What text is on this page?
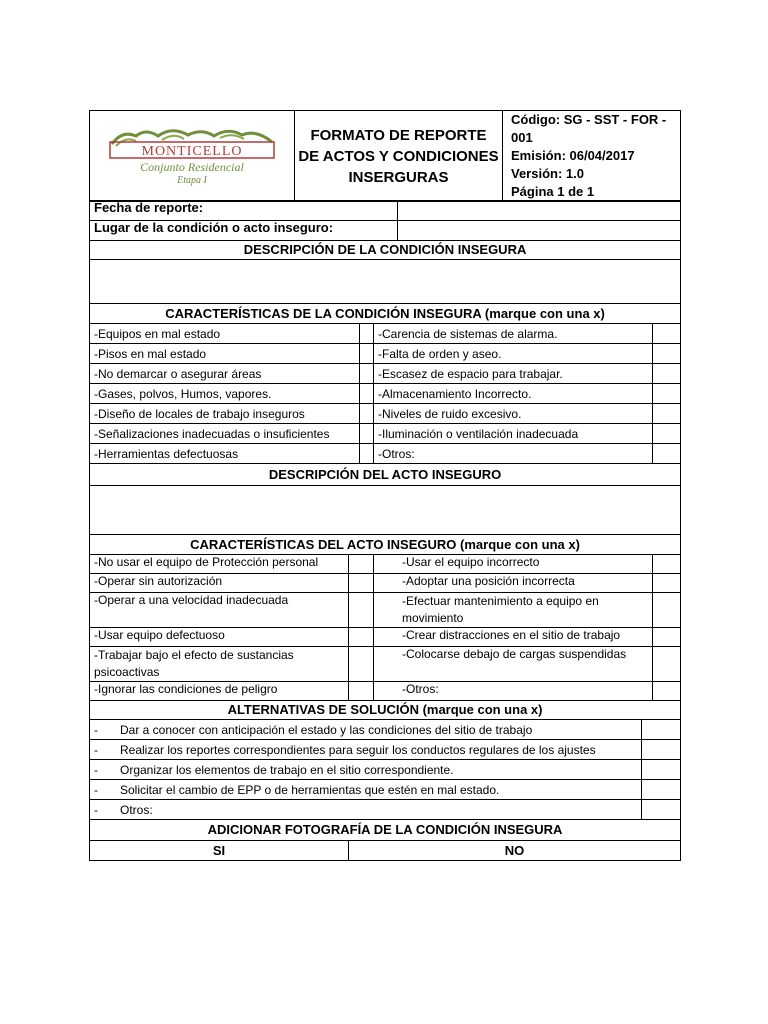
MONTICELLO
Conjunto Residencial
Etapa I

FORMATO DE REPORTE
DE ACTOS Y CONDICIONES
INSERGURAS

Código: SG - SST - FOR - 001
Emisión: 06/04/2017
Versión: 1.0
Página 1 de 1
Fecha de reporte:						
Lugar de la condición o acto inseguro:						
DESCRIPCIÓN DE LA CONDICIÓN INSEGURA						

CARACTERÍSTICAS DE LA CONDICIÓN INSEGURA (marque con una x)						
-Equipos en mal estado			-Carencia de sistemas de alarma.			
-Pisos en mal estado			-Falta de orden y aseo.			
-No demarcar o asegurar áreas			-Escasez de espacio para trabajar.			
-Gases, polvos, Humos, vapores.			-Almacenamiento Incorrecto.			
-Diseño de locales de trabajo inseguros			-Niveles de ruido excesivo.			
-Señalizaciones inadecuadas o insuficientes			-Iluminación o ventilación inadecuada			
-Herramientas defectuosas			-Otros:			
DESCRIPCIÓN DEL ACTO INSEGURO						

CARACTERÍSTICAS DEL ACTO INSEGURO (marque con una x)						
-No usar el equipo de Protección personal			-Usar el equipo incorrecto			
-Operar sin autorización			-Adoptar una posición incorrecta			
-Operar a una velocidad inadecuada			-Efectuar mantenimiento a equipo en movimiento			
-Usar equipo defectuoso			-Crear distracciones en el sitio de trabajo			
-Trabajar bajo el efecto de sustancias psicoactivas			-Colocarse debajo de cargas suspendidas			
-Ignorar las condiciones de peligro			-Otros:			
ALTERNATIVAS DE SOLUCIÓN (marque con una x)						
- Dar a conocer con anticipación el estado y las condiciones del sitio de trabajo						
- Realizar los reportes correspondientes para seguir los conductos regulares de los ajustes						
- Organizar los elementos de trabajo en el sitio correspondiente.						
- Solicitar el cambio de EPP o de herramientas que estén en mal estado.						
- Otros:						
ADICIONAR FOTOGRAFÍA DE LA CONDICIÓN INSEGURA						
SI	NO					
